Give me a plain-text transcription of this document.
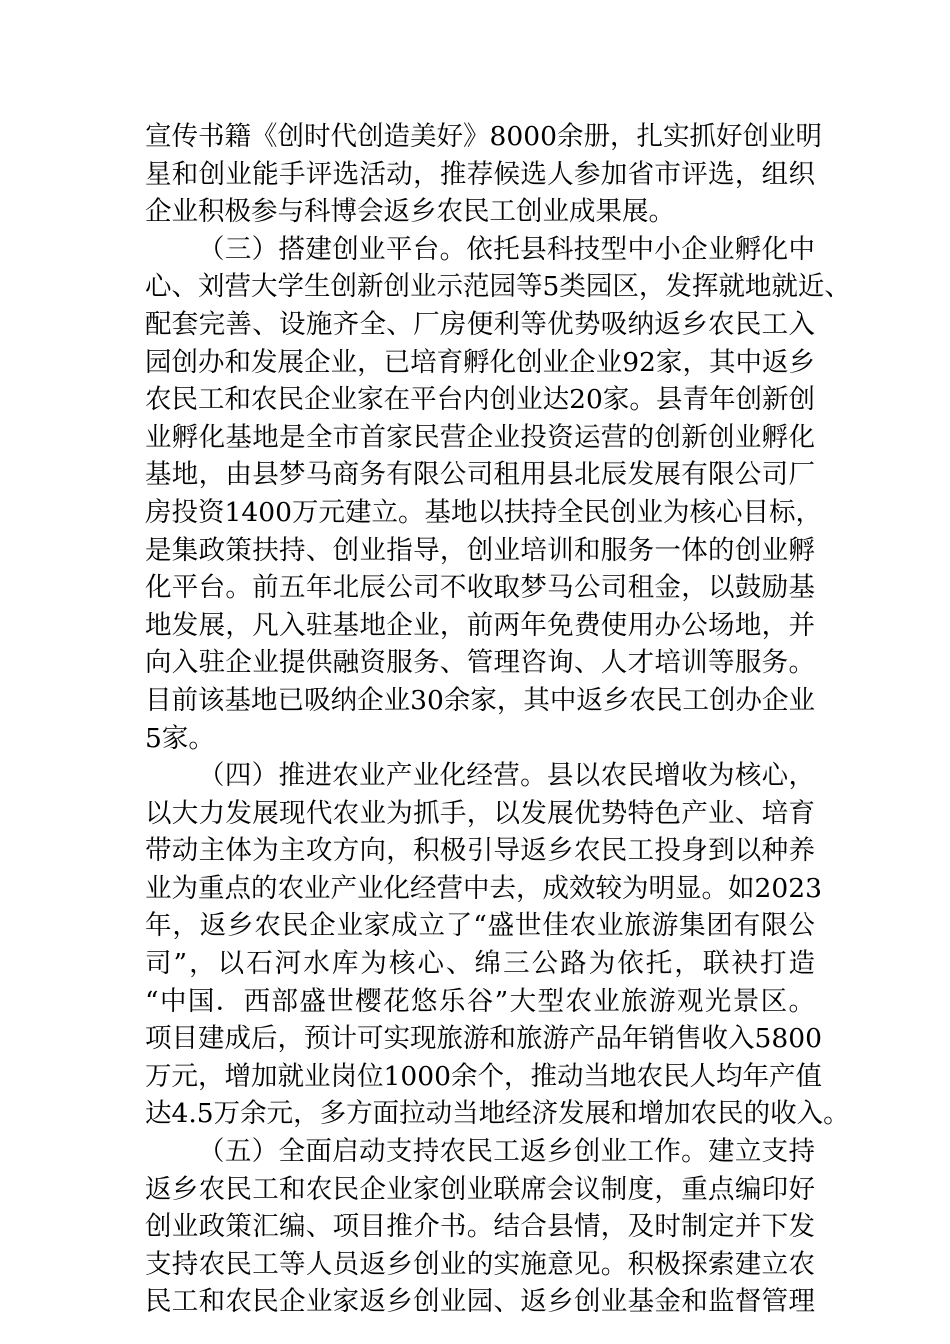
宣传书籍《创时代创造美好》8000余册，扎实抓好创业明
星和创业能手评选活动，推荐候选人参加省市评选，组织
企业积极参与科博会返乡农民工创业成果展。
（三）搭建创业平台。依托县科技型中小企业孵化中
心、刘营大学生创新创业示范园等5类园区，发挥就地就近、
配套完善、设施齐全、厂房便利等优势吸纳返乡农民工入
园创办和发展企业，已培育孵化创业企业92家，其中返乡
农民工和农民企业家在平台内创业达20家。县青年创新创
业孵化基地是全市首家民营企业投资运营的创新创业孵化
基地，由县梦马商务有限公司租用县北辰发展有限公司厂
房投资1400万元建立。基地以扶持全民创业为核心目标，
是集政策扶持、创业指导，创业培训和服务一体的创业孵
化平台。前五年北辰公司不收取梦马公司租金，以鼓励基
地发展，凡入驻基地企业，前两年免费使用办公场地，并
向入驻企业提供融资服务、管理咨询、人才培训等服务。
目前该基地已吸纳企业30余家，其中返乡农民工创办企业
5家。
（四）推进农业产业化经营。县以农民增收为核心，
以大力发展现代农业为抓手，以发展优势特色产业、培育
带动主体为主攻方向，积极引导返乡农民工投身到以种养
业为重点的农业产业化经营中去，成效较为明显。如2023
年，返乡农民企业家成立了“盛世佳农业旅游集团有限公
司”，以石河水库为核心、绵三公路为依托，联袂打造
“中国．西部盛世樱花悠乐谷”大型农业旅游观光景区。
项目建成后，预计可实现旅游和旅游产品年销售收入5800
万元，增加就业岗位1000余个，推动当地农民人均年产值
达4.5万余元，多方面拉动当地经济发展和增加农民的收入。
（五）全面启动支持农民工返乡创业工作。建立支持
返乡农民工和农民企业家创业联席会议制度，重点编印好
创业政策汇编、项目推介书。结合县情，及时制定并下发
支持农民工等人员返乡创业的实施意见。积极探索建立农
民工和农民企业家返乡创业园、返乡创业基金和监督管理
